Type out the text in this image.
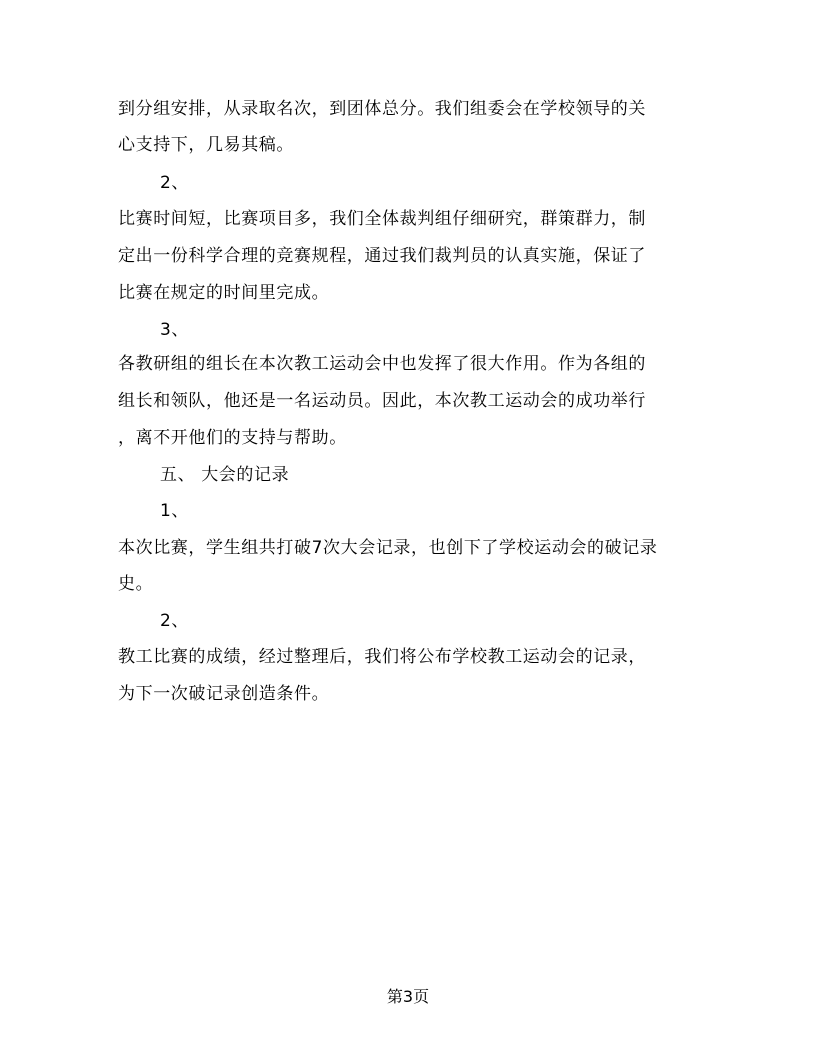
到分组安排，从录取名次，到团体总分。我们组委会在学校领导的关
心支持下，几易其稿。
2、
比赛时间短，比赛项目多，我们全体裁判组仔细研究，群策群力，制
定出一份科学合理的竞赛规程，通过我们裁判员的认真实施，保证了
比赛在规定的时间里完成。
3、
各教研组的组长在本次教工运动会中也发挥了很大作用。作为各组的
组长和领队，他还是一名运动员。因此，本次教工运动会的成功举行
，离不开他们的支持与帮助。
五、 大会的记录
1、
本次比赛，学生组共打破7次大会记录，也创下了学校运动会的破记录
史。
2、
教工比赛的成绩，经过整理后，我们将公布学校教工运动会的记录，
为下一次破记录创造条件。
第3页
